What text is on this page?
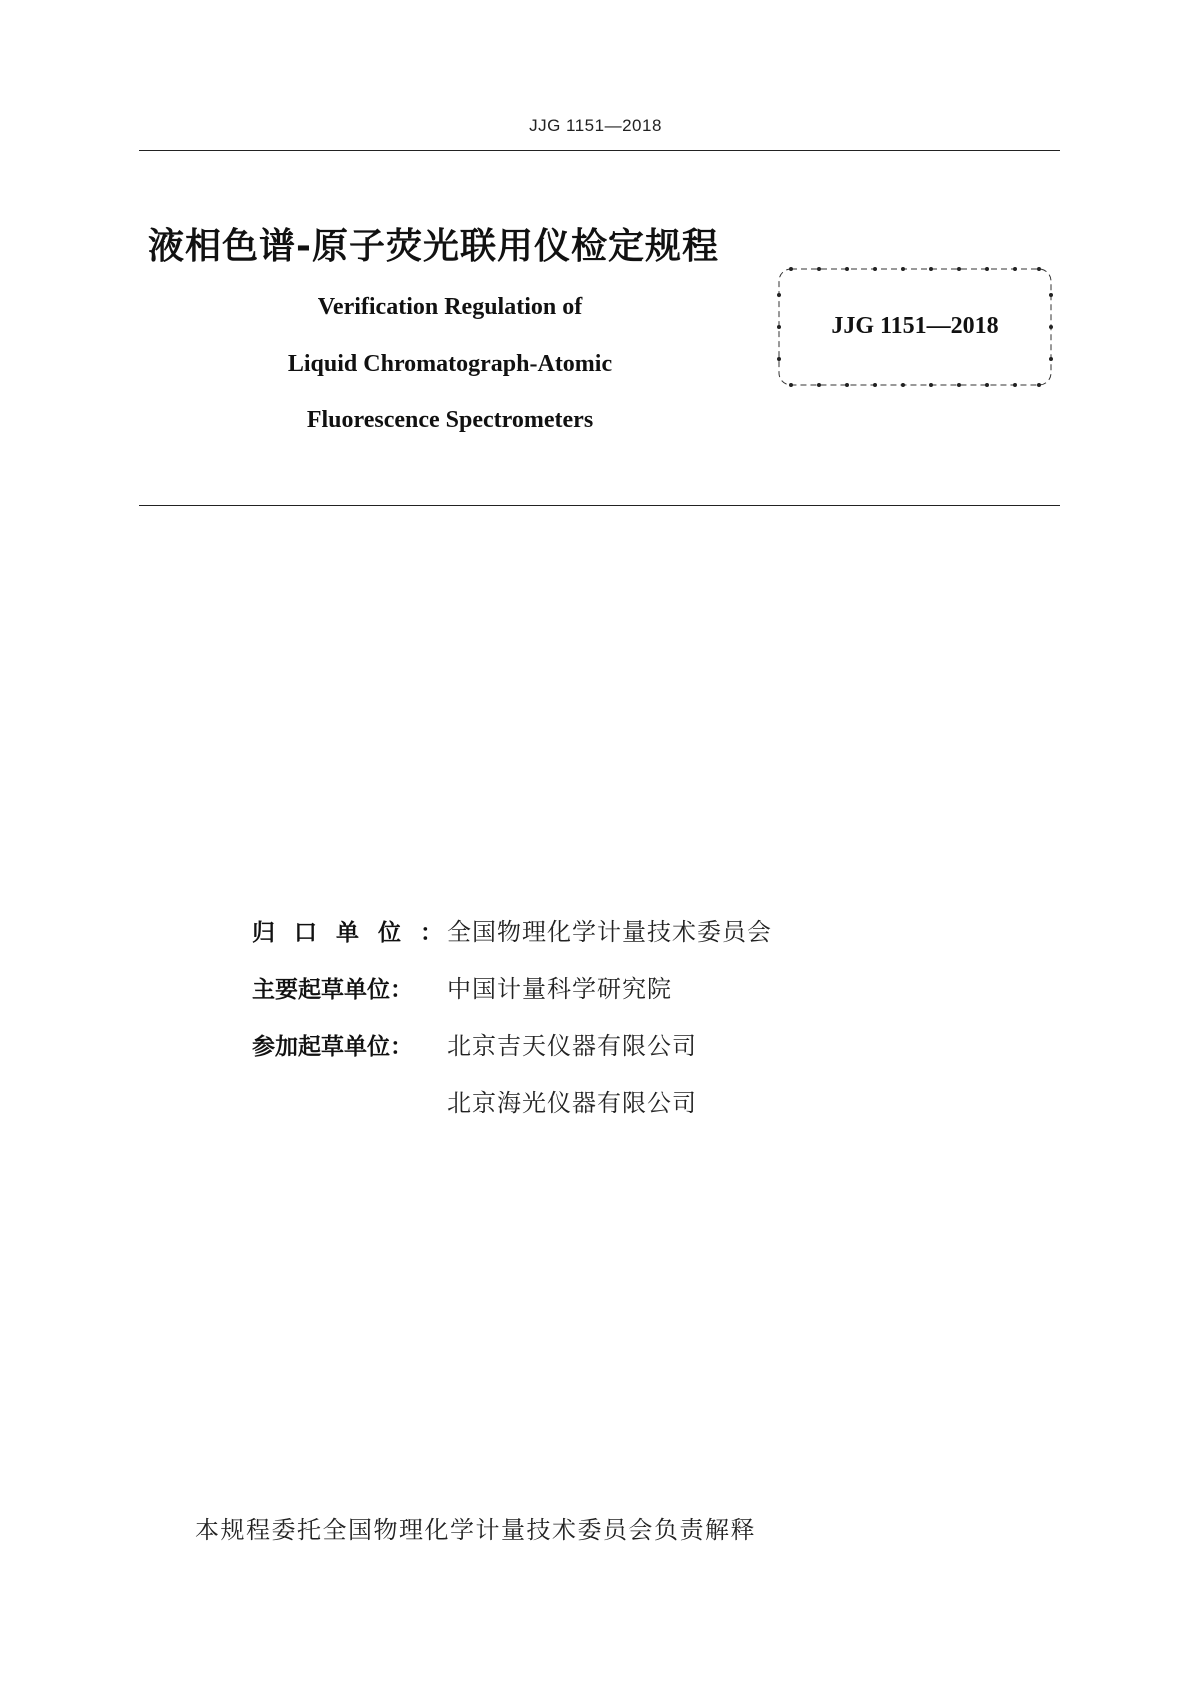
JJG 1151—2018
液相色谱-原子荧光联用仪检定规程
Verification Regulation of
Liquid Chromatograph-Atomic
Fluorescence Spectrometers
JJG 1151—2018
归口单位： 全国物理化学计量技术委员会
主要起草单位： 中国计量科学研究院
参加起草单位： 北京吉天仪器有限公司
北京海光仪器有限公司
本规程委托全国物理化学计量技术委员会负责解释
